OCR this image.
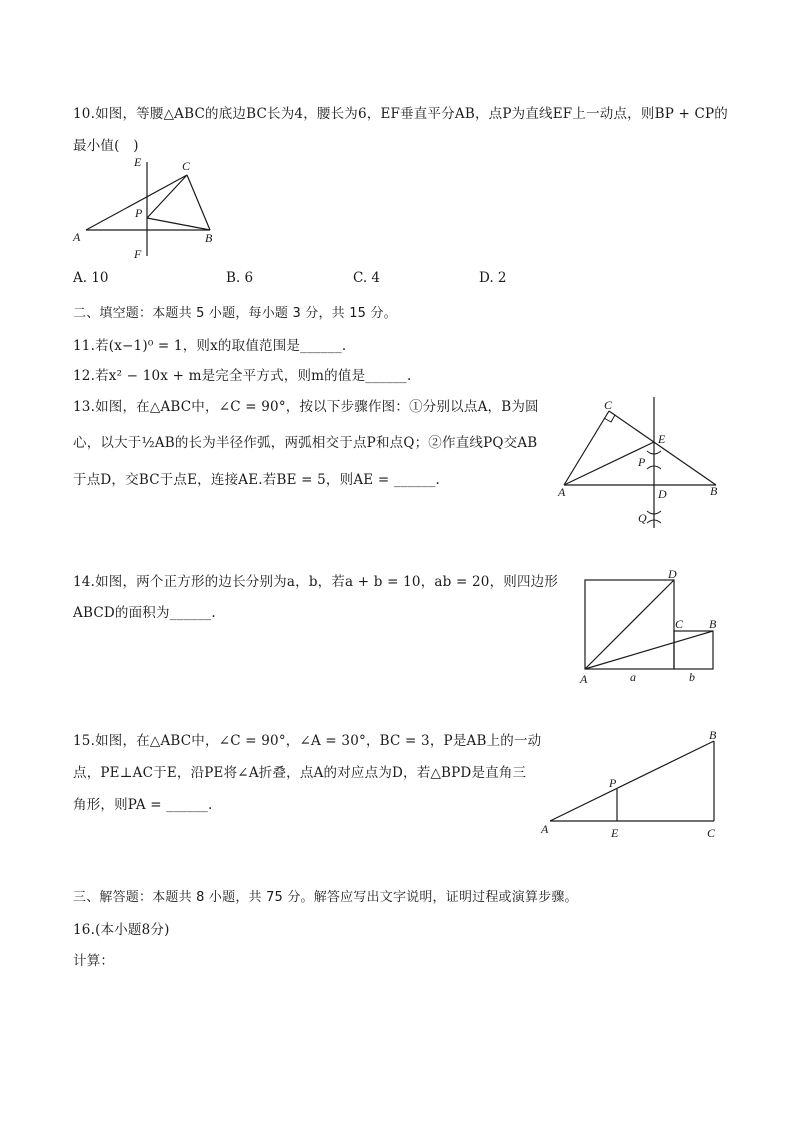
10.如图，等腰△ABC的底边BC长为4，腰长为6，EF垂直平分AB，点P为直线EF上一动点，则BP + CP的
最小值(　)
E	C
P
A	B
F
A. 10	B. 6	C. 4	D. 2
二、填空题：本题共 5 小题，每小题 3 分，共 15 分。
11.若(x−1)⁰ = 1，则x的取值范围是______.
12.若x² − 10x + m是完全平方式，则m的值是______.
13.如图，在△ABC中，∠C = 90°，按以下步骤作图：①分别以点A，B为圆
心，以大于½AB的长为半径作弧，两弧相交于点P和点Q；②作直线PQ交AB
于点D，交BC于点E，连接AE.若BE = 5，则AE = ______.
C
E
P
A	D	B
Q
14.如图，两个正方形的边长分别为a，b，若a + b = 10，ab = 20，则四边形
ABCD的面积为______.
D
C B
A	a	b
15.如图，在△ABC中，∠C = 90°，∠A = 30°，BC = 3，P是AB上的一动
点，PE⊥AC于E，沿PE将∠A折叠，点A的对应点为D，若△BPD是直角三
角形，则PA = ______.
B
P
A	E	C
三、解答题：本题共 8 小题，共 75 分。解答应写出文字说明，证明过程或演算步骤。
16.(本小题8分)
计算：
